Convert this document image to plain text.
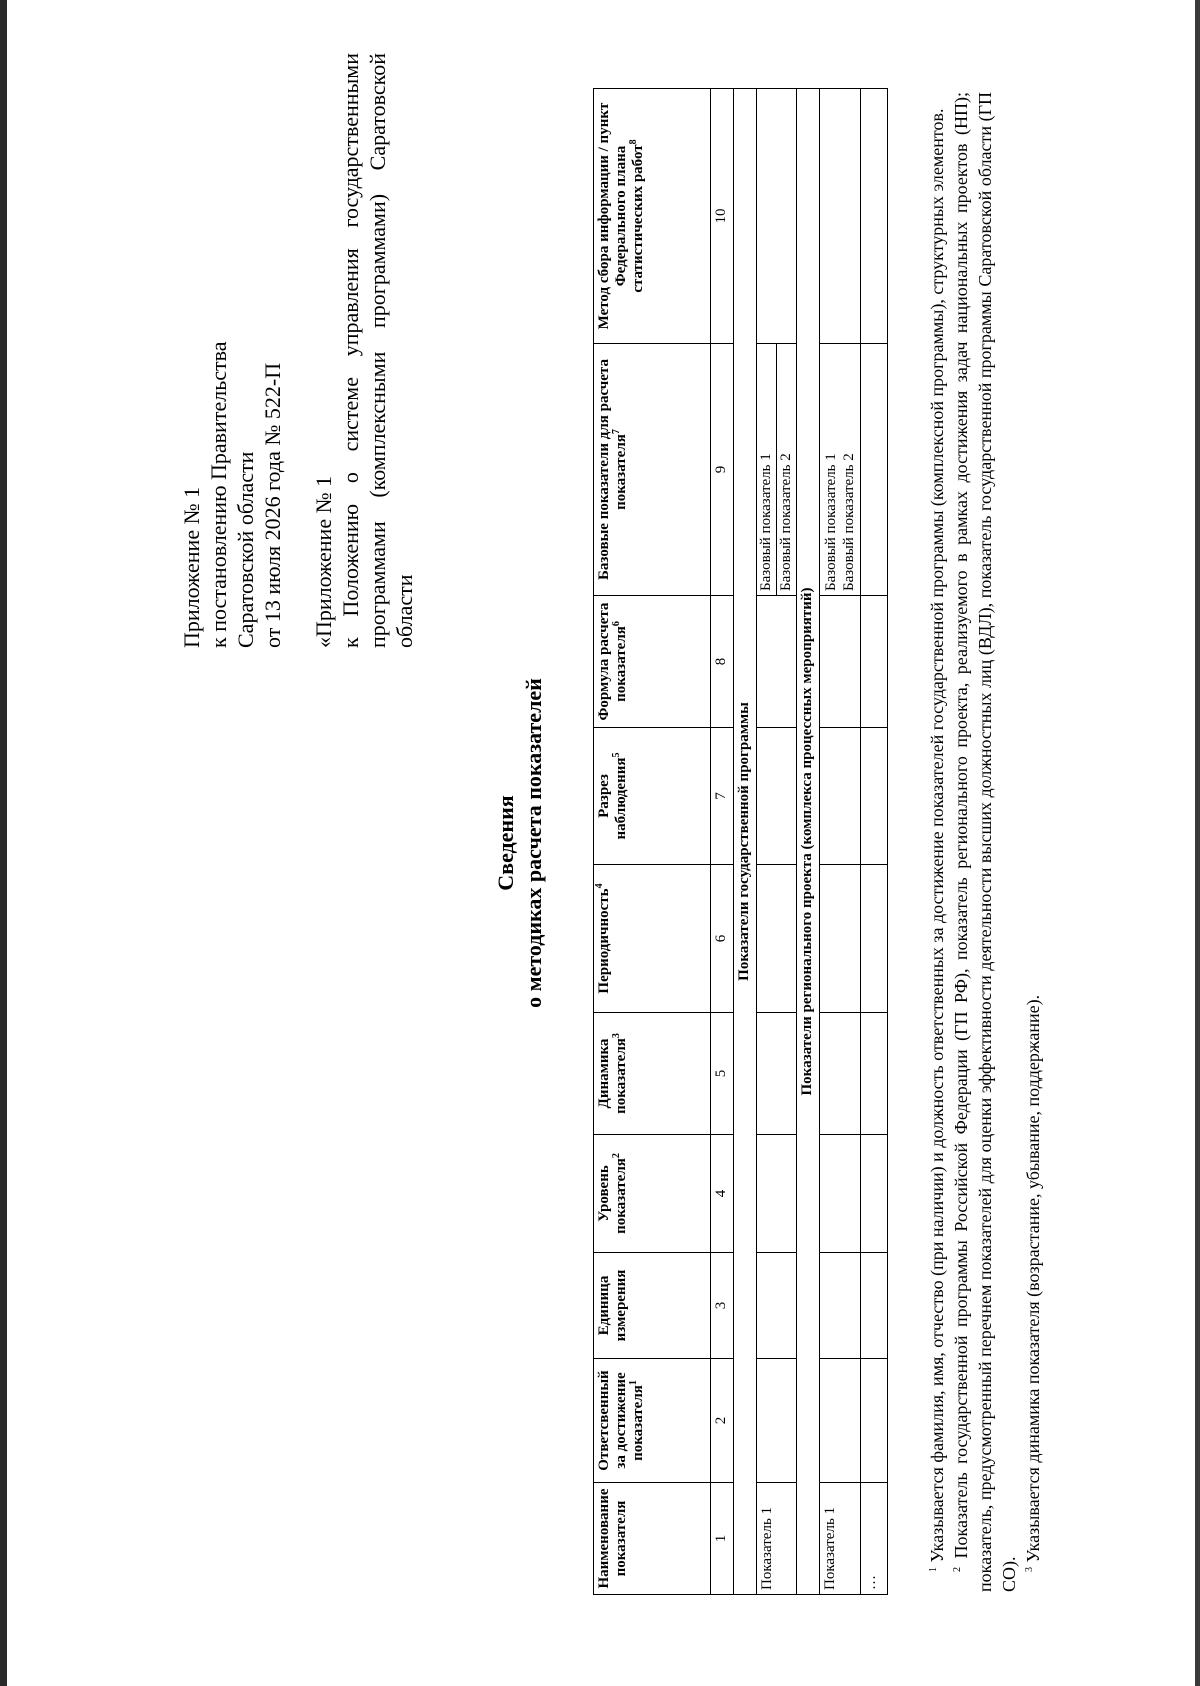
Приложение № 1 к постановлению Правительства Саратовской области от 13 июля 2026 года № 522-П «Приложение № 1 к Положению о системе управления государственными программами (комплексными программами) Саратовской области
Сведения о методиках расчета показателей
Наименование показателя	Ответсвенный за достижение показателя$^1$	Единица измерения	Уровень показателя$^2$	Динамика показателя$^3$	Периодичность$^4$	Разрез наблюдения$^5$	Формула расчета показателя$^6$	Базовые показатели для расчета показателя$^7$	Метод сбора информации / пункт Федерального плана статистических работ$^8$
1	2	3	4	5	6	7	8	9	10
Показатели государственной программы									
Показатель 1								Базовый показатель 1	
								Базовый показатель 2	
Показатели регионального проекта (комплекса процессных мероприятий)									
Показатель 1								Базовый показатель 1 Базовый показатель 2	

…									

$^1$ Указывается фамилия, имя, отчество (при наличии) и должность ответственных за достижение показателей государственной программы (комплексной программы), структурных элементов.

$^2$ Показатель государственной программы Российской Федерации (ГП РФ), показатель регионального проекта, реализуемого в рамках достижения задач национальных проектов (НП); показатель, предусмотренный перечнем показателей для оценки эффективности деятельности высших должностных лиц (ВДЛ), показатель государственной программы Саратовской области (ГП СО). $^3$ Указывается динамика показателя (возрастание, убывание, поддержание).
